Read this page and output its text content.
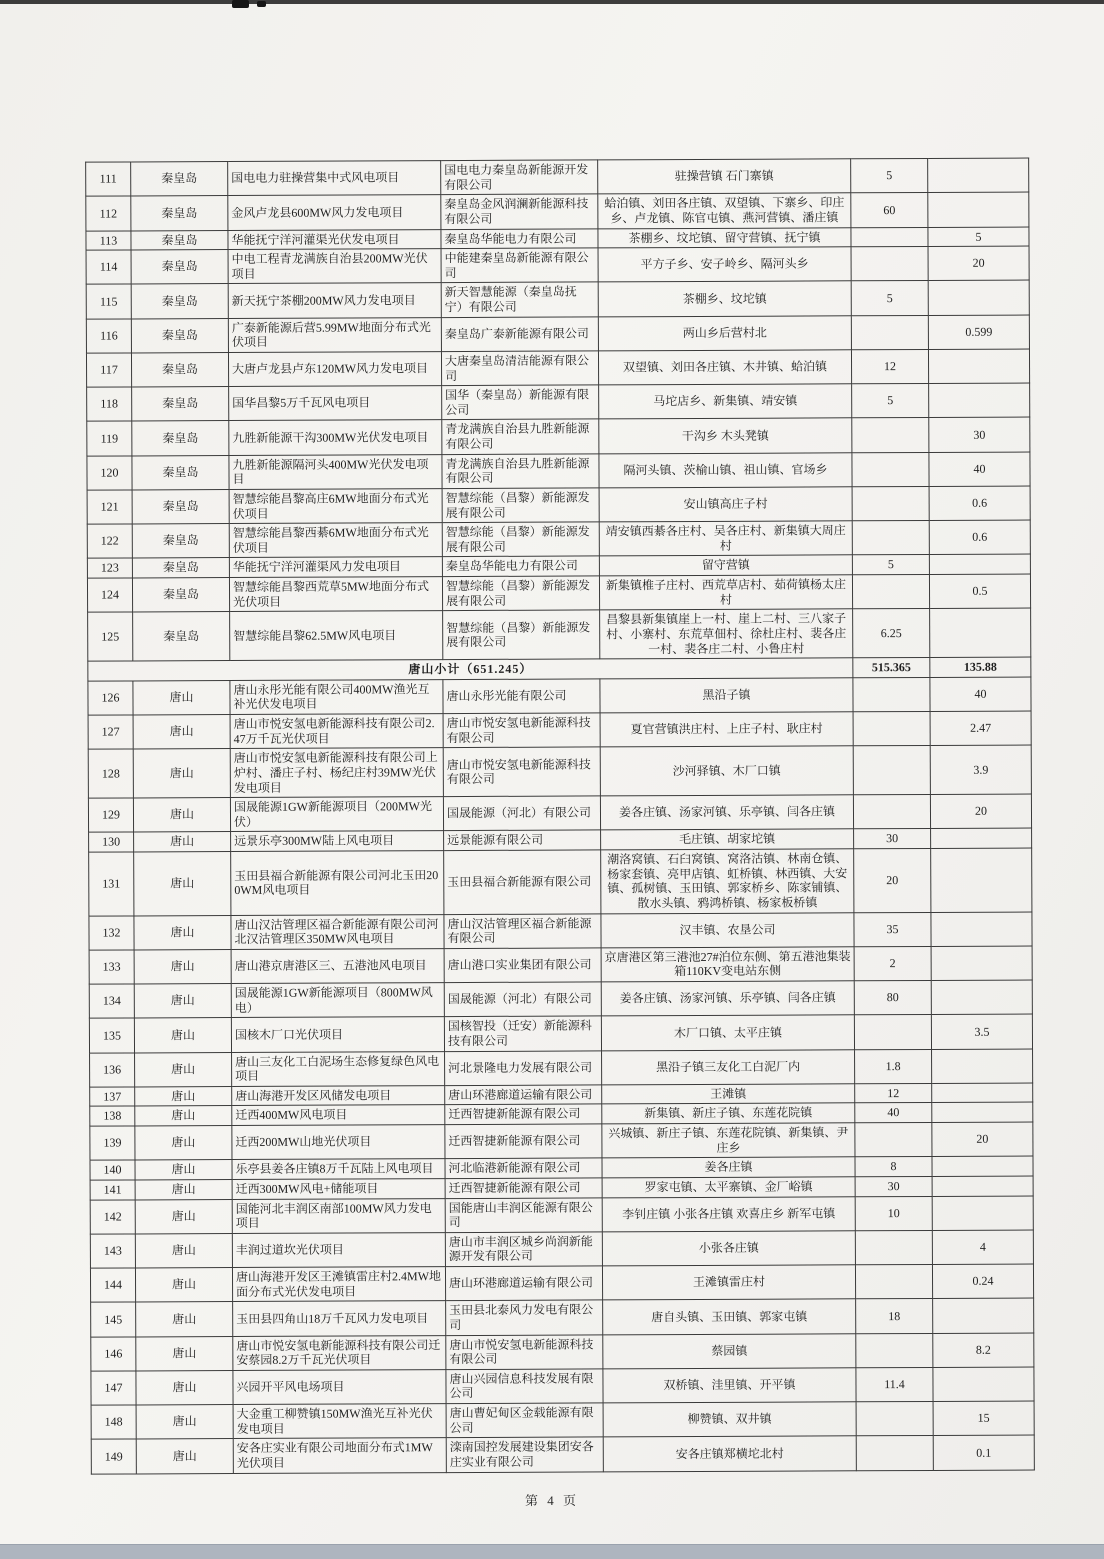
111	秦皇岛	国电电力驻操营集中式风电项目	国电电力秦皇岛新能源开发有限公司	驻操营镇 石门寨镇	5	
112	秦皇岛	金风卢龙县600MW风力发电项目	秦皇岛金风润澜新能源科技有限公司	蛤泊镇、刘田各庄镇、双望镇、下寨乡、印庄乡、卢龙镇、陈官屯镇、燕河营镇、潘庄镇	60	
113	秦皇岛	华能抚宁洋河灌渠光伏发电项目	秦皇岛华能电力有限公司	茶棚乡、坟坨镇、留守营镇、抚宁镇		5
114	秦皇岛	中电工程青龙满族自治县200MW光伏项目	中能建秦皇岛新能源有限公司	平方子乡、安子岭乡、隔河头乡		20
115	秦皇岛	新天抚宁茶棚200MW风力发电项目	新天智慧能源（秦皇岛抚宁）有限公司	茶棚乡、坟坨镇	5	
116	秦皇岛	广泰新能源后营5.99MW地面分布式光伏项目	秦皇岛广泰新能源有限公司	两山乡后营村北		0.599
117	秦皇岛	大唐卢龙县卢东120MW风力发电项目	大唐秦皇岛清洁能源有限公司	双望镇、刘田各庄镇、木井镇、蛤泊镇	12	
118	秦皇岛	国华昌黎5万千瓦风电项目	国华（秦皇岛）新能源有限公司	马坨店乡、新集镇、靖安镇	5	
119	秦皇岛	九胜新能源干沟300MW光伏发电项目	青龙满族自治县九胜新能源有限公司	干沟乡 木头凳镇		30
120	秦皇岛	九胜新能源隔河头400MW光伏发电项目	青龙满族自治县九胜新能源有限公司	隔河头镇、茨榆山镇、祖山镇、官场乡		40
121	秦皇岛	智慧综能昌黎高庄6MW地面分布式光伏项目	智慧综能（昌黎）新能源发展有限公司	安山镇高庄子村		0.6
122	秦皇岛	智慧综能昌黎西綦6MW地面分布式光伏项目	智慧综能（昌黎）新能源发展有限公司	靖安镇西綦各庄村、吴各庄村、新集镇大周庄村		0.6
123	秦皇岛	华能抚宁洋河灌渠风力发电项目	秦皇岛华能电力有限公司	留守营镇	5	
124	秦皇岛	智慧综能昌黎西荒草5MW地面分布式光伏项目	智慧综能（昌黎）新能源发展有限公司	新集镇椎子庄村、西荒草店村、茹荷镇杨太庄村		0.5
125	秦皇岛	智慧综能昌黎62.5MW风电项目	智慧综能（昌黎）新能源发展有限公司	昌黎县新集镇崖上一村、崖上二村、三八家子村、小寨村、东荒草佃村、徐杜庄村、裴各庄一村、裴各庄二村、小鲁庄村	6.25	
唐山小计（651.245）					515.365	135.88
126	唐山	唐山永彤光能有限公司400MW渔光互补光伏发电项目	唐山永彤光能有限公司	黑沿子镇		40
127	唐山	唐山市悦安氢电新能源科技有限公司2.47万千瓦光伏项目	唐山市悦安氢电新能源科技有限公司	夏官营镇洪庄村、上庄子村、耿庄村		2.47
128	唐山	唐山市悦安氢电新能源科技有限公司上炉村、潘庄子村、杨纪庄村39MW光伏发电项目	唐山市悦安氢电新能源科技有限公司	沙河驿镇、木厂口镇		3.9
129	唐山	国晟能源1GW新能源项目（200MW光伏）	国晟能源（河北）有限公司	姜各庄镇、汤家河镇、乐亭镇、闫各庄镇		20
130	唐山	远景乐亭300MW陆上风电项目	远景能源有限公司	毛庄镇、胡家坨镇	30	
131	唐山	玉田县福合新能源有限公司河北玉田200WM风电项目	玉田县福合新能源有限公司	潮洛窝镇、石臼窝镇、窝洛沽镇、林南仓镇、杨家套镇、亮甲店镇、虹桥镇、林西镇、大安镇、孤树镇、玉田镇、郭家桥乡、陈家铺镇、散水头镇、鸦鸿桥镇、杨家板桥镇	20	
132	唐山	唐山汉沽管理区福合新能源有限公司河北汉沽管理区350MW风电项目	唐山汉沽管理区福合新能源有限公司	汉丰镇、农垦公司	35	
133	唐山	唐山港京唐港区三、五港池风电项目	唐山港口实业集团有限公司	京唐港区第三港池27#泊位东侧、第五港池集装箱110KV变电站东侧	2	
134	唐山	国晟能源1GW新能源项目（800MW风电）	国晟能源（河北）有限公司	姜各庄镇、汤家河镇、乐亭镇、闫各庄镇	80	
135	唐山	国核木厂口光伏项目	国核智投（迁安）新能源科技有限公司	木厂口镇、太平庄镇		3.5
136	唐山	唐山三友化工白泥场生态修复绿色风电项目	河北景隆电力发展有限公司	黑沿子镇三友化工白泥厂内	1.8	
137	唐山	唐山海港开发区风储发电项目	唐山环港廊道运输有限公司	王滩镇	12	
138	唐山	迁西400MW风电项目	迁西智捷新能源有限公司	新集镇、新庄子镇、东莲花院镇	40	
139	唐山	迁西200MW山地光伏项目	迁西智捷新能源有限公司	兴城镇、新庄子镇、东莲花院镇、新集镇、尹庄乡		20
140	唐山	乐亭县姜各庄镇8万千瓦陆上风电项目	河北临港新能源有限公司	姜各庄镇	8	
141	唐山	迁西300MW风电+储能项目	迁西智捷新能源有限公司	罗家屯镇、太平寨镇、金厂峪镇	30	
142	唐山	国能河北丰润区南部100MW风力发电项目	国能唐山丰润区能源有限公司	李钊庄镇 小张各庄镇 欢喜庄乡 新军屯镇	10	
143	唐山	丰润过道坎光伏项目	唐山市丰润区城乡尚润新能源开发有限公司	小张各庄镇		4
144	唐山	唐山海港开发区王滩镇雷庄村2.4MW地面分布式光伏发电项目	唐山环港廊道运输有限公司	王滩镇雷庄村		0.24
145	唐山	玉田县四角山18万千瓦风力发电项目	玉田县北泰风力发电有限公司	唐自头镇、玉田镇、郭家屯镇	18	
146	唐山	唐山市悦安氢电新能源科技有限公司迁安蔡园8.2万千瓦光伏项目	唐山市悦安氢电新能源科技有限公司	蔡园镇		8.2
147	唐山	兴园开平风电场项目	唐山兴园信息科技发展有限公司	双桥镇、洼里镇、开平镇	11.4	
148	唐山	大金重工柳赞镇150MW渔光互补光伏发电项目	唐山曹妃甸区金载能源有限公司	柳赞镇、双井镇		15
149	唐山	安各庄实业有限公司地面分布式1MW光伏项目	滦南国控发展建设集团安各庄实业有限公司	安各庄镇郑横坨北村		0.1
第 4 页
